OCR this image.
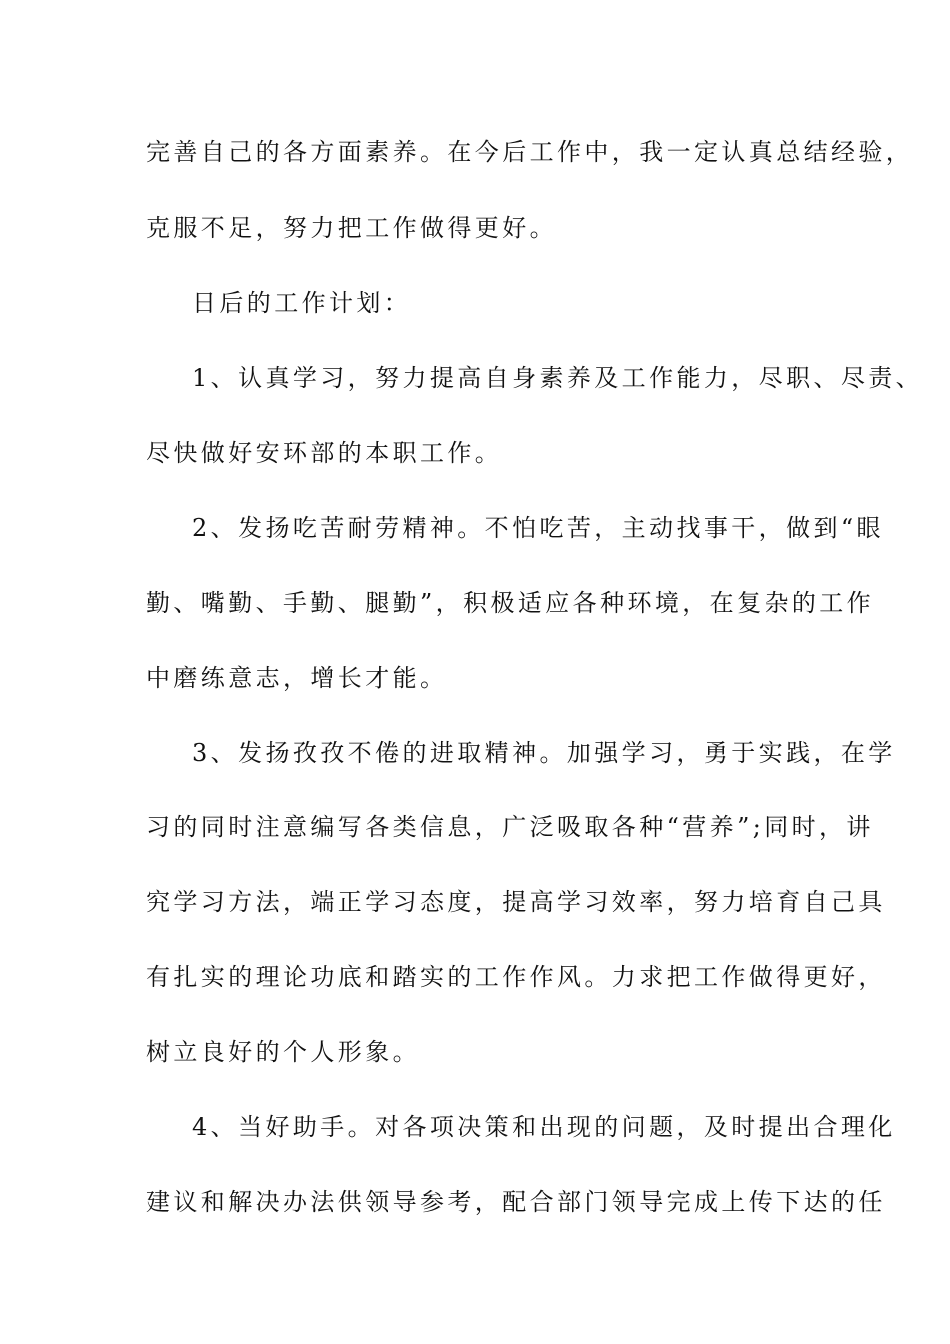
完善自己的各方面素养。在今后工作中，我一定认真总结经验，
克服不足，努力把工作做得更好。
日后的工作计划：
1、认真学习，努力提高自身素养及工作能力，尽职、尽责、
尽快做好安环部的本职工作。
2、发扬吃苦耐劳精神。不怕吃苦，主动找事干，做到“眼
勤、嘴勤、手勤、腿勤”，积极适应各种环境，在复杂的工作
中磨练意志，增长才能。
3、发扬孜孜不倦的进取精神。加强学习，勇于实践，在学
习的同时注意编写各类信息，广泛吸取各种“营养”;同时，讲
究学习方法，端正学习态度，提高学习效率，努力培育自己具
有扎实的理论功底和踏实的工作作风。力求把工作做得更好，
树立良好的个人形象。
4、当好助手。对各项决策和出现的问题，及时提出合理化
建议和解决办法供领导参考，配合部门领导完成上传下达的任
